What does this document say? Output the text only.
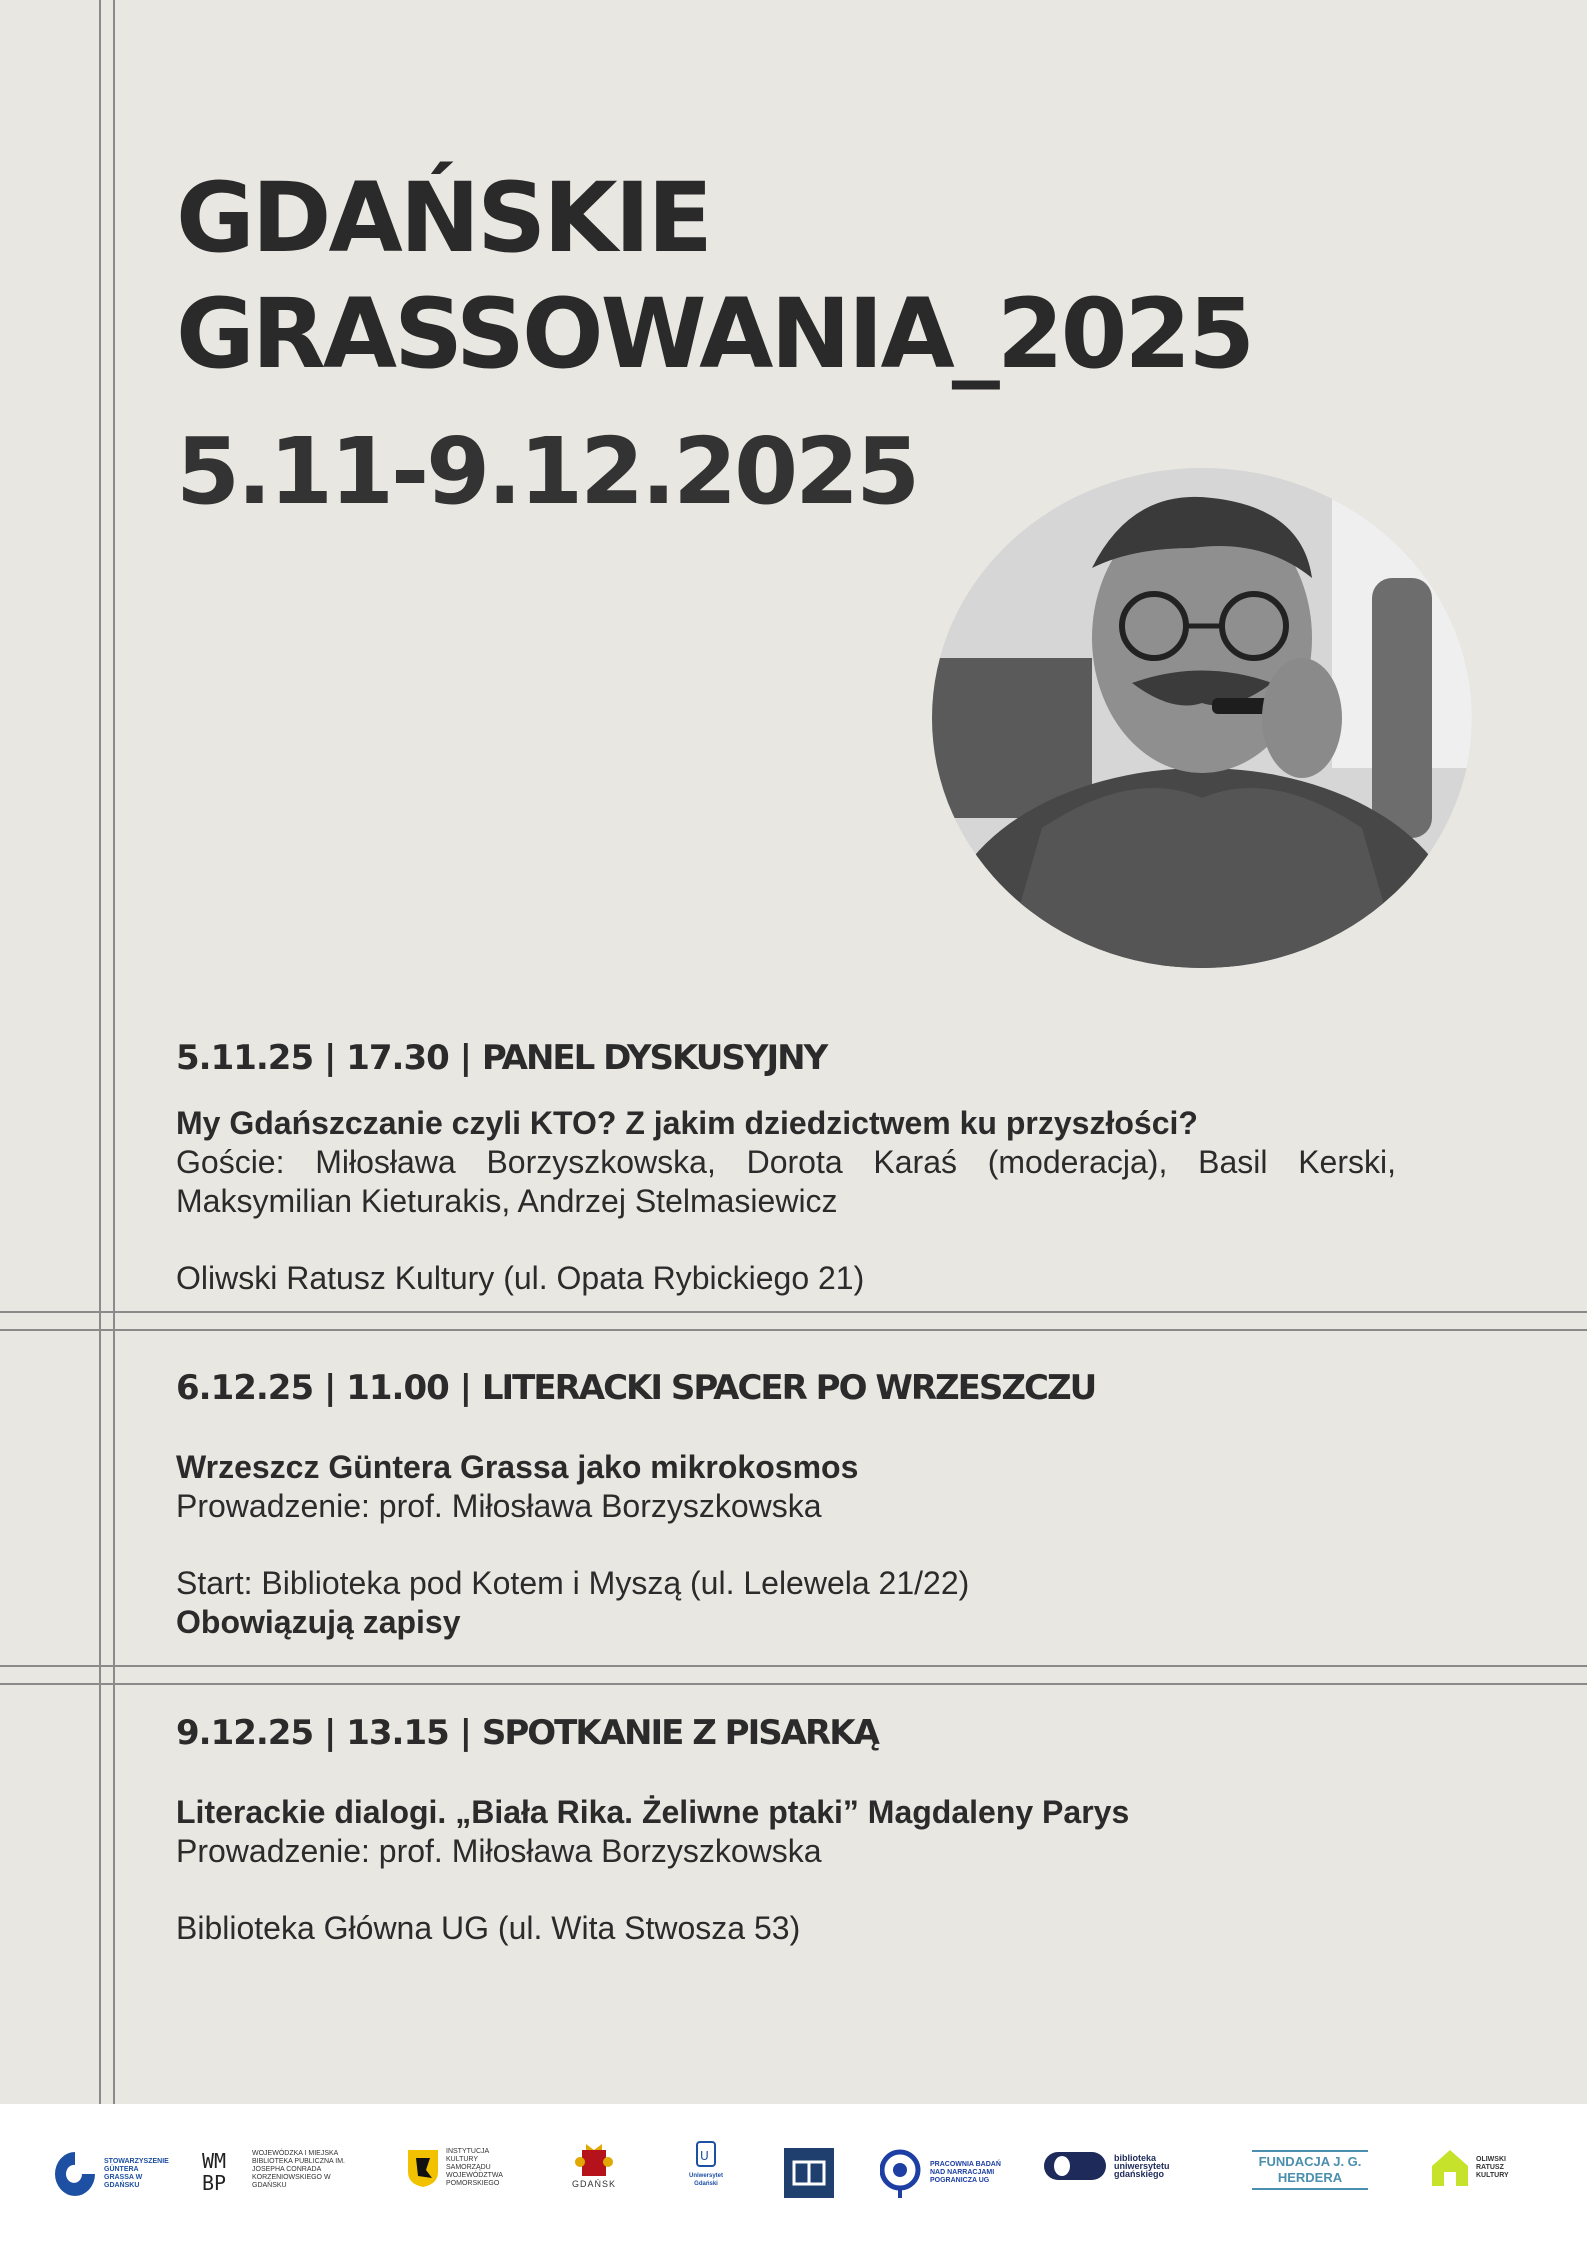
GDAŃSKIE
GRASSOWANIA_2025
5.11-9.12.2025
5.11.25 | 17.30 | PANEL DYSKUSYJNY
My Gdańszczanie czyli KTO? Z jakim dziedzictwem ku przyszłości?
Goście: Miłosława Borzyszkowska, Dorota Karaś (moderacja), Basil Kerski, Maksymilian Kieturakis, Andrzej Stelmasiewicz
Oliwski Ratusz Kultury (ul. Opata Rybickiego 21)
6.12.25 | 11.00 | LITERACKI SPACER PO WRZESZCZU
Wrzeszcz Güntera Grassa jako mikrokosmos
Prowadzenie: prof. Miłosława Borzyszkowska
Start: Biblioteka pod Kotem i Myszą (ul. Lelewela 21/22)
Obowiązują zapisy
9.12.25 | 13.15 | SPOTKANIE Z PISARKĄ
Literackie dialogi. „Biała Rika. Żeliwne ptaki” Magdaleny Parys
Prowadzenie: prof. Miłosława Borzyszkowska
Biblioteka Główna UG (ul. Wita Stwosza 53)
STOWARZYSZENIE GÜNTERA GRASSA W GDAŃSKU
WM
BP
WOJEWÓDZKA I MIEJSKA BIBLIOTEKA PUBLICZNA IM. JOSEPHA CONRADA KORZENIOWSKIEGO W GDAŃSKU
INSTYTUCJA KULTURY SAMORZĄDU WOJEWÓDZTWA POMORSKIEGO	GDAŃSK
U
Uniwersytet Gdański
PRACOWNIA BADAŃ NAD NARRACJAMI POGRANICZA UG
biblioteka uniwersytetu gdańskiego
FUNDACJA J. G. HERDERA
OLIWSKI RATUSZ KULTURY
